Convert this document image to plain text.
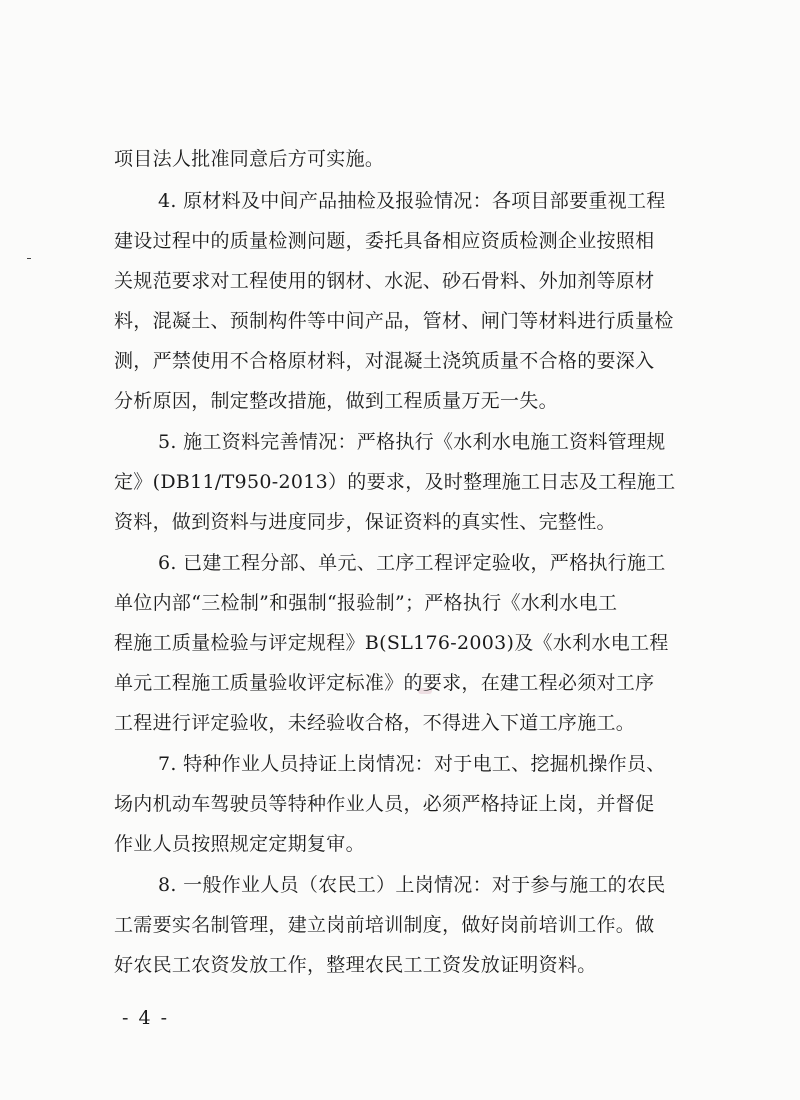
项目法人批准同意后方可实施。
4. 原材料及中间产品抽检及报验情况：各项目部要重视工程
建设过程中的质量检测问题，委托具备相应资质检测企业按照相
关规范要求对工程使用的钢材、水泥、砂石骨料、外加剂等原材
料，混凝土、预制构件等中间产品，管材、闸门等材料进行质量检
测，严禁使用不合格原材料，对混凝土浇筑质量不合格的要深入
分析原因，制定整改措施，做到工程质量万无一失。
5. 施工资料完善情况：严格执行《水利水电施工资料管理规
定》(DB11/T950-2013）的要求，及时整理施工日志及工程施工
资料，做到资料与进度同步，保证资料的真实性、完整性。
6. 已建工程分部、单元、工序工程评定验收，严格执行施工
单位内部“三检制”和强制“报验制”；严格执行《水利水电工
程施工质量检验与评定规程》B(SL176-2003)及《水利水电工程
单元工程施工质量验收评定标准》的要求，在建工程必须对工序
工程进行评定验收，未经验收合格，不得进入下道工序施工。
7. 特种作业人员持证上岗情况：对于电工、挖掘机操作员、
场内机动车驾驶员等特种作业人员，必须严格持证上岗，并督促
作业人员按照规定定期复审。
8. 一般作业人员（农民工）上岗情况：对于参与施工的农民
工需要实名制管理，建立岗前培训制度，做好岗前培训工作。做
好农民工农资发放工作，整理农民工工资发放证明资料。
- 4 -
